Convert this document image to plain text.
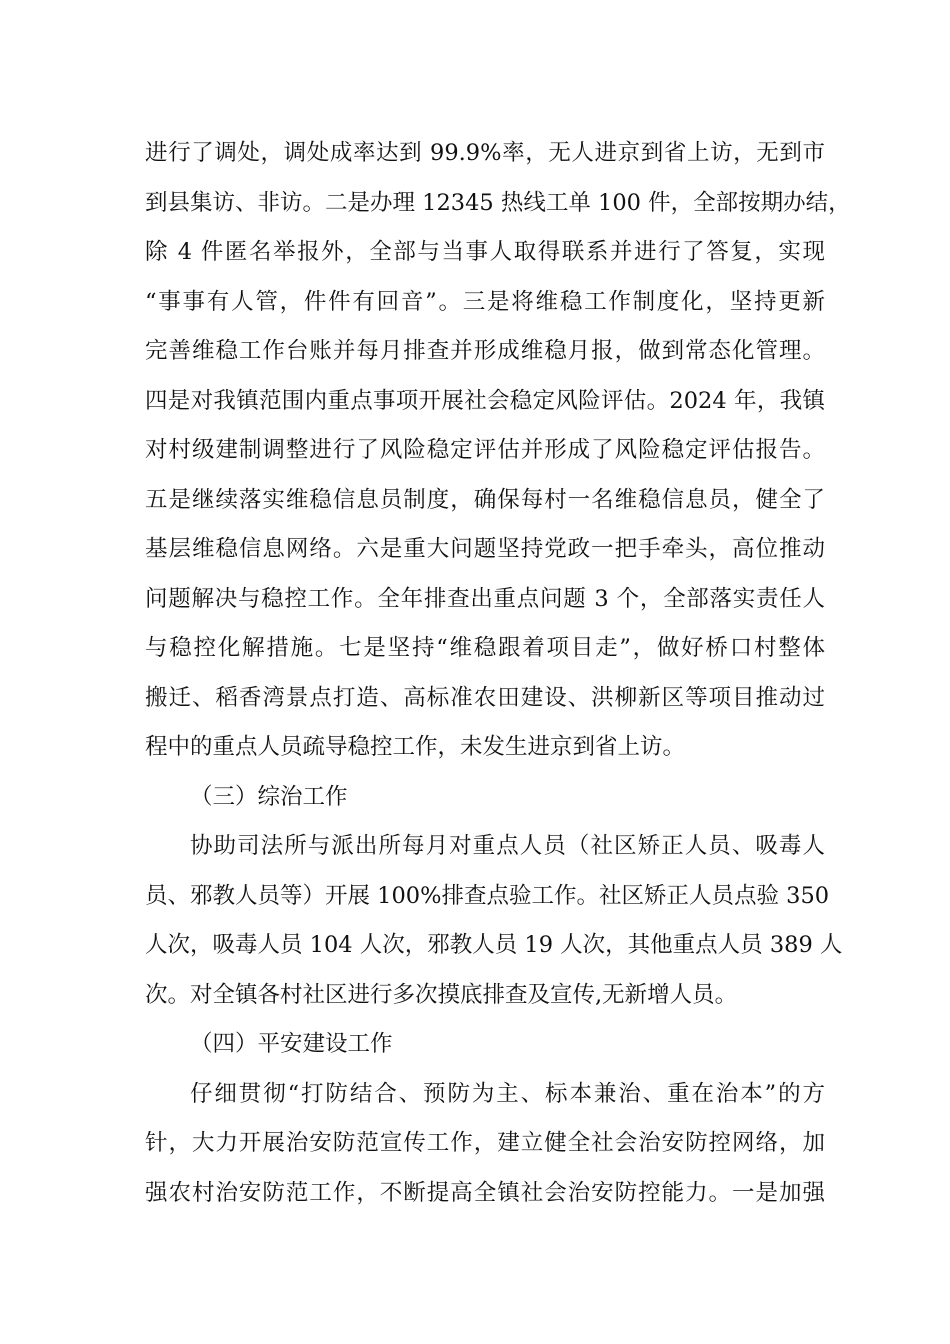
进行了调处，调处成率达到 99.9%率，无人进京到省上访，无到市
到县集访、非访。二是办理 12345 热线工单 100 件，全部按期办结，
除 4 件匿名举报外，全部与当事人取得联系并进行了答复，实现
“事事有人管，件件有回音”。三是将维稳工作制度化，坚持更新
完善维稳工作台账并每月排查并形成维稳月报，做到常态化管理。
四是对我镇范围内重点事项开展社会稳定风险评估。2024 年，我镇
对村级建制调整进行了风险稳定评估并形成了风险稳定评估报告。
五是继续落实维稳信息员制度，确保每村一名维稳信息员，健全了
基层维稳信息网络。六是重大问题坚持党政一把手牵头，高位推动
问题解决与稳控工作。全年排查出重点问题 3 个，全部落实责任人
与稳控化解措施。七是坚持“维稳跟着项目走”，做好桥口村整体
搬迁、稻香湾景点打造、高标准农田建设、洪柳新区等项目推动过
程中的重点人员疏导稳控工作，未发生进京到省上访。
（三）综治工作
协助司法所与派出所每月对重点人员（社区矫正人员、吸毒人
员、邪教人员等）开展 100%排查点验工作。社区矫正人员点验 350
人次，吸毒人员 104 人次，邪教人员 19 人次，其他重点人员 389 人
次。对全镇各村社区进行多次摸底排查及宣传,无新增人员。
（四）平安建设工作
仔细贯彻“打防结合、预防为主、标本兼治、重在治本”的方
针，大力开展治安防范宣传工作，建立健全社会治安防控网络，加
强农村治安防范工作，不断提高全镇社会治安防控能力。一是加强
